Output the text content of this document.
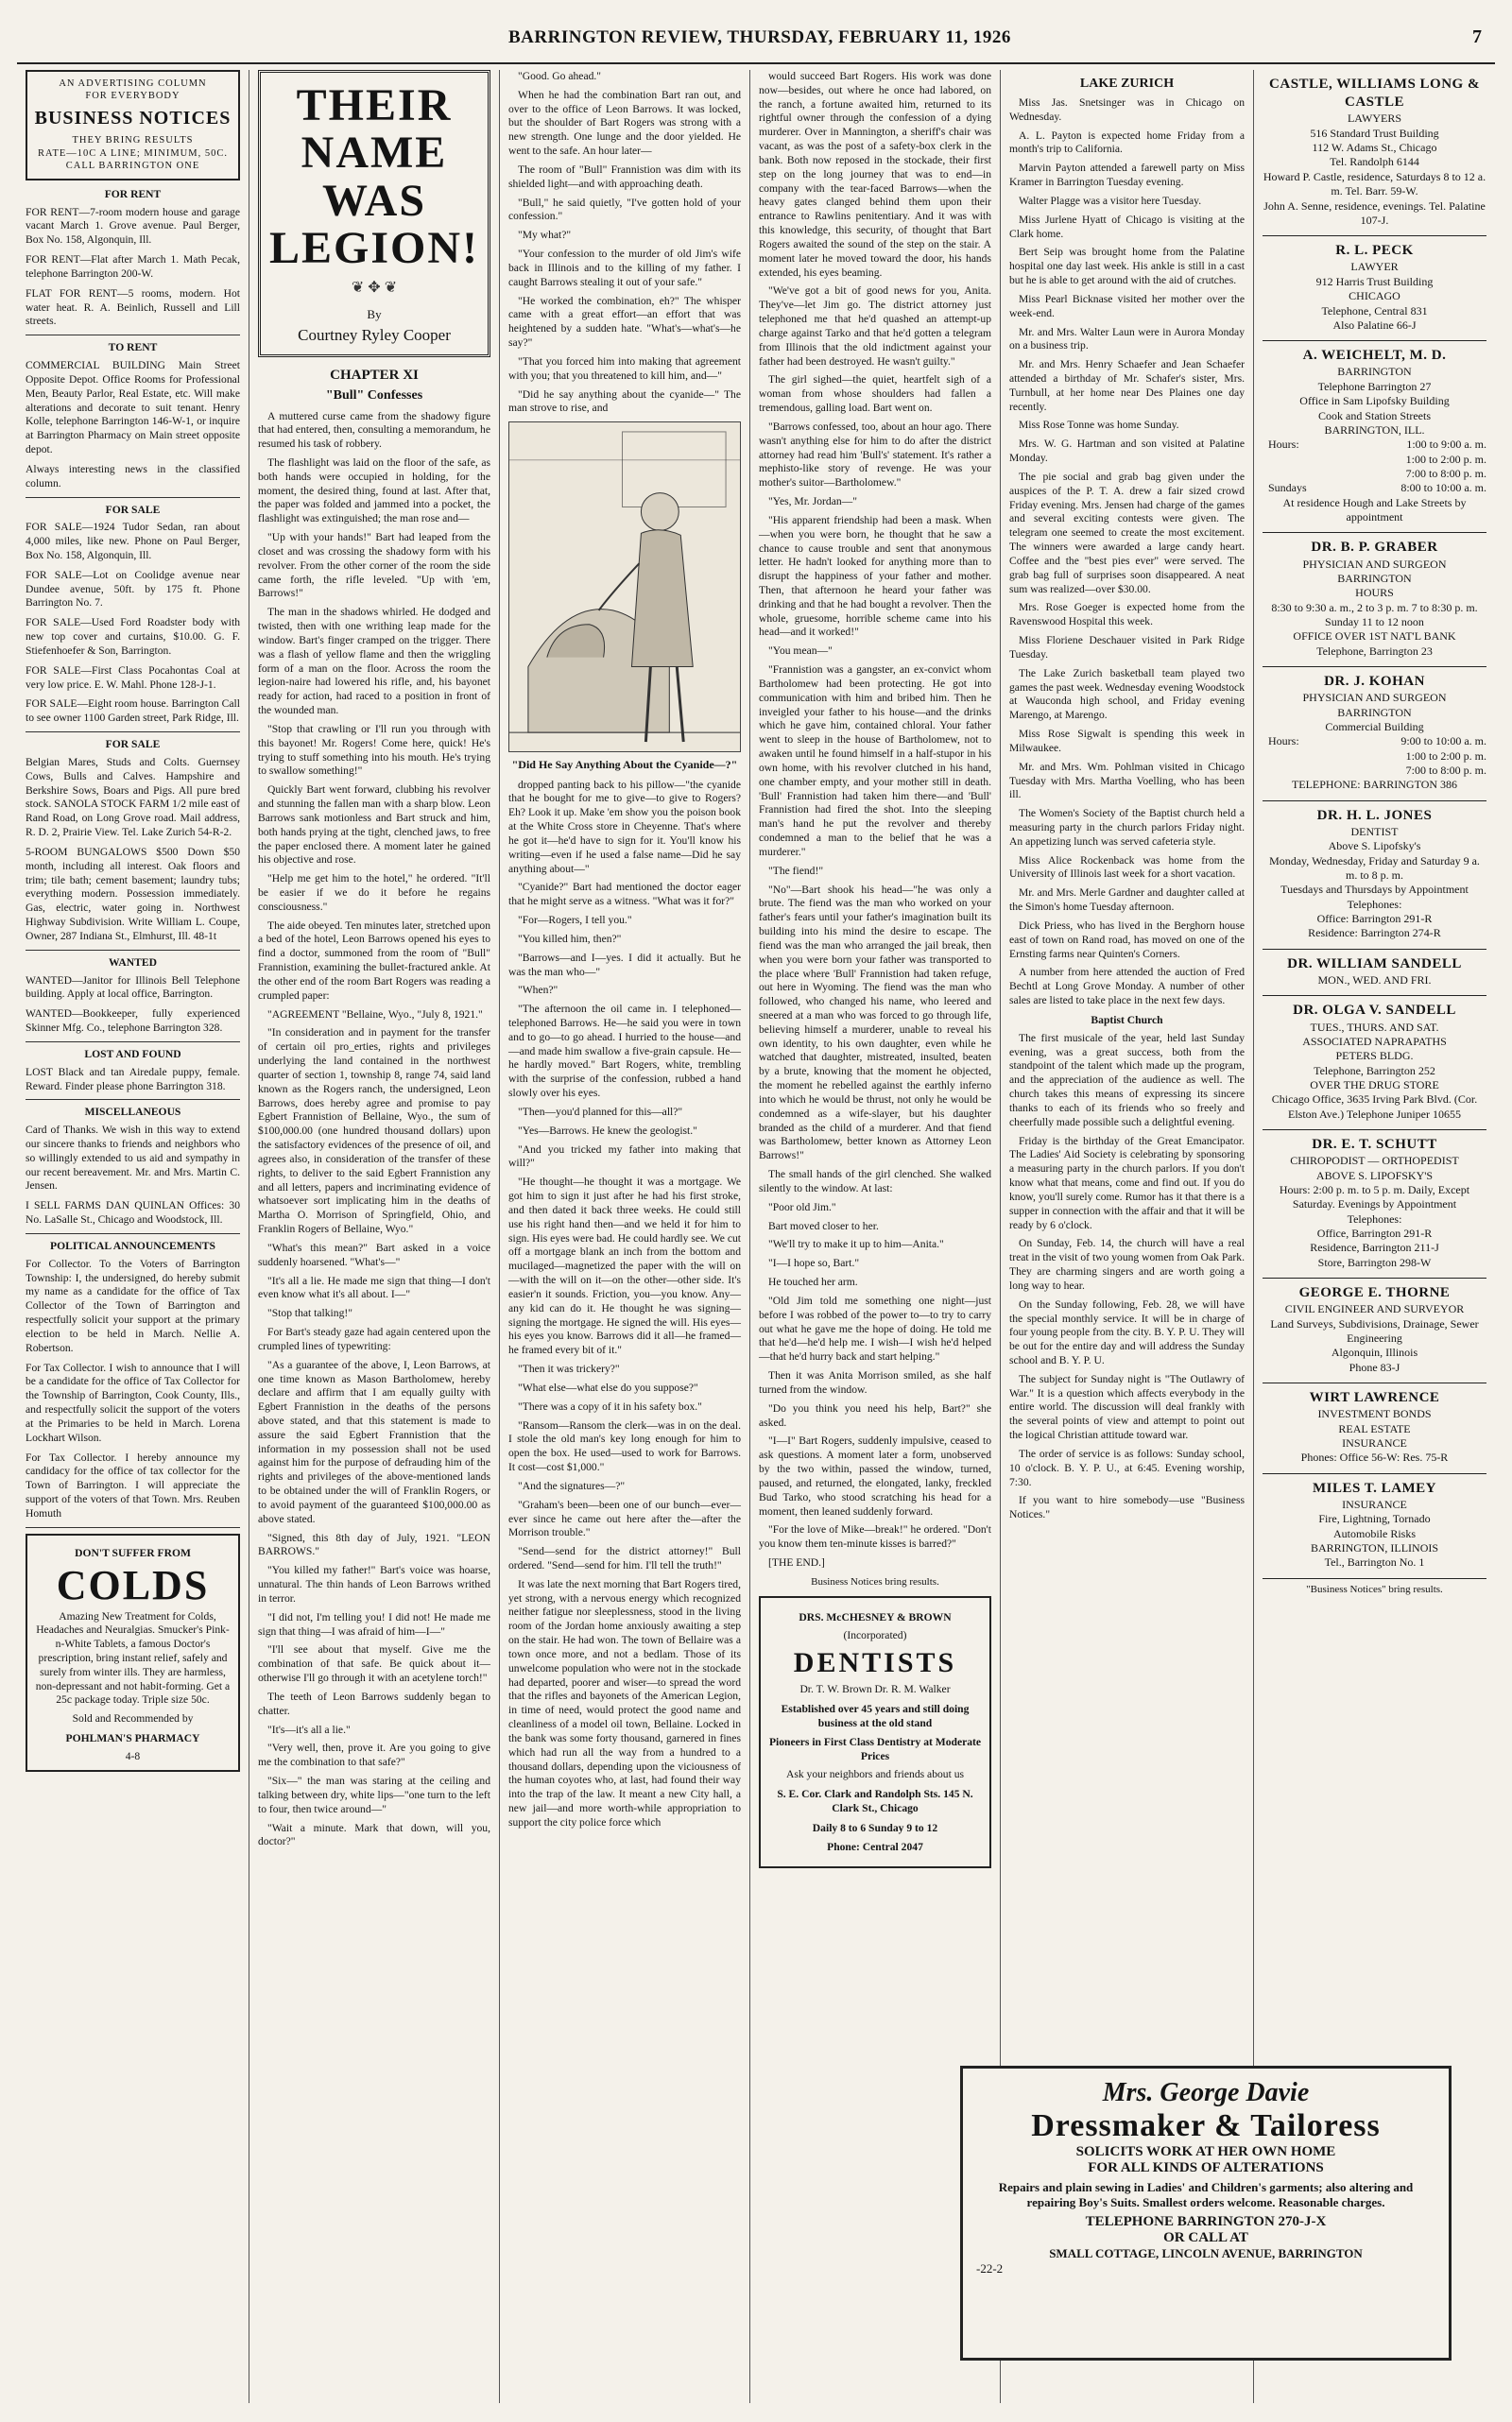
BARRINGTON REVIEW, THURSDAY, FEBRUARY 11, 1926	7
AN ADVERTISING COLUMN
FOR EVERYBODY
BUSINESS NOTICES
THEY BRING RESULTS
RATE—10C A LINE; MINIMUM, 50C.
CALL BARRINGTON ONE
FOR RENT

FOR RENT—7-room modern house and garage vacant March 1. Grove avenue. Paul Berger, Box No. 158, Algonquin, Ill.

FOR RENT—Flat after March 1. Math Pecak, telephone Barrington 200-W.

FLAT FOR RENT—5 rooms, modern. Hot water heat. R. A. Beinlich, Russell and Lill streets.

TO RENT

COMMERCIAL BUILDING Main Street Opposite Depot. Office Rooms for Professional Men, Beauty Parlor, Real Estate, etc. Will make alterations and decorate to suit tenant. Henry Kolle, telephone Barrington 146-W-1, or inquire at Barrington Pharmacy on Main street opposite depot.

Always interesting news in the classified column.

FOR SALE

FOR SALE—1924 Tudor Sedan, ran about 4,000 miles, like new. Phone on Paul Berger, Box No. 158, Algonquin, Ill.

FOR SALE—Lot on Coolidge avenue near Dundee avenue, 50ft. by 175 ft. Phone Barrington No. 7.

FOR SALE—Used Ford Roadster body with new top cover and curtains, $10.00. G. F. Stiefenhoefer & Son, Barrington.

FOR SALE—First Class Pocahontas Coal at very low price. E. W. Mahl. Phone 128-J-1.

FOR SALE—Eight room house. Barrington Call to see owner 1100 Garden street, Park Ridge, Ill.

FOR SALE

Belgian Mares, Studs and Colts. Guernsey Cows, Bulls and Calves. Hampshire and Berkshire Sows, Boars and Pigs. All pure bred stock. SANOLA STOCK FARM 1/2 mile east of Rand Road, on Long Grove road. Mail address, R. D. 2, Prairie View. Tel. Lake Zurich 54-R-2.

5-ROOM BUNGALOWS $500 Down $50 month, including all interest. Oak floors and trim; tile bath; cement basement; laundry tubs; everything modern. Possession immediately. Gas, electric, water going in. Northwest Highway Subdivision. Write William L. Coupe, Owner, 287 Indiana St., Elmhurst, Ill. 48-1t

WANTED

WANTED—Janitor for Illinois Bell Telephone building. Apply at local office, Barrington.

WANTED—Bookkeeper, fully experienced Skinner Mfg. Co., telephone Barrington 328.

LOST AND FOUND

LOST Black and tan Airedale puppy, female. Reward. Finder please phone Barrington 318.

MISCELLANEOUS

Card of Thanks. We wish in this way to extend our sincere thanks to friends and neighbors who so willingly extended to us aid and sympathy in our recent bereavement. Mr. and Mrs. Martin C. Jensen.

I SELL FARMS DAN QUINLAN Offices: 30 No. LaSalle St., Chicago and Woodstock, Ill.

POLITICAL ANNOUNCEMENTS

For Collector. To the Voters of Barrington Township: I, the undersigned, do hereby submit my name as a candidate for the office of Tax Collector of the Town of Barrington and respectfully solicit your support at the primary election to be held in March. Nellie A. Robertson.

For Tax Collector. I wish to announce that I will be a candidate for the office of Tax Collector for the Township of Barrington, Cook County, Ills., and respectfully solicit the support of the voters at the Primaries to be held in March. Lorena Lockhart Wilson.

For Tax Collector. I hereby announce my candidacy for the office of tax collector for the Town of Barrington. I will appreciate the support of the voters of that Town. Mrs. Reuben Homuth

DON'T SUFFER FROM
COLDS

Amazing New Treatment for Colds, Headaches and Neuralgias. Smucker's Pink-n-White Tablets, a famous Doctor's prescription, bring instant relief, safely and surely from winter ills. They are harmless, non-depressant and not habit-forming. Get a 25c package today. Triple size 50c.

Sold and Recommended by
POHLMAN'S PHARMACY
4-8
THEIR
NAME
WAS
LEGION!
❦ ✥ ❦
By
Courtney Ryley Cooper
CHAPTER XI
"Bull" Confesses

A muttered curse came from the shadowy figure that had entered, then, consulting a memorandum, he resumed his task of robbery.

The flashlight was laid on the floor of the safe, as both hands were occupied in holding, for the moment, the desired thing, found at last. After that, the paper was folded and jammed into a pocket, the flashlight was extinguished; the man rose and—

"Up with your hands!" Bart had leaped from the closet and was crossing the shadowy form with his revolver. From the other corner of the room the side came forth, the rifle leveled. "Up with 'em, Barrows!"

The man in the shadows whirled. He dodged and twisted, then with one writhing leap made for the window. Bart's finger cramped on the trigger. There was a flash of yellow flame and then the wriggling form of a man on the floor. Across the room the legion-naire had lowered his rifle, and, his bayonet ready for action, had raced to a position in front of the wounded man.

"Stop that crawling or I'll run you through with this bayonet! Mr. Rogers! Come here, quick! He's trying to stuff something into his mouth. He's trying to swallow something!"

Quickly Bart went forward, clubbing his revolver and stunning the fallen man with a sharp blow. Leon Barrows sank motionless and Bart struck and him, both hands prying at the tight, clenched jaws, to free the paper enclosed there. A moment later he gained his objective and rose.

"Help me get him to the hotel," he ordered. "It'll be easier if we do it before he regains consciousness."

The aide obeyed. Ten minutes later, stretched upon a bed of the hotel, Leon Barrows opened his eyes to find a doctor, summoned from the room of "Bull" Frannistion, examining the bullet-fractured ankle. At the other end of the room Bart Rogers was reading a crumpled paper:

"AGREEMENT "Bellaine, Wyo., "July 8, 1921."

"In consideration and in payment for the transfer of certain oil pro_erties, rights and privileges underlying the land contained in the northwest quarter of section 1, township 8, range 74, said land known as the Rogers ranch, the undersigned, Leon Barrows, does hereby agree and promise to pay Egbert Frannistion of Bellaine, Wyo., the sum of $100,000.00 (one hundred thousand dollars) upon the satisfactory evidences of the presence of oil, and agrees also, in consideration of the transfer of these rights, to deliver to the said Egbert Frannistion any and all letters, papers and incriminating evidence of whatsoever sort implicating him in the deaths of Martha O. Morrison of Springfield, Ohio, and Franklin Rogers of Bellaine, Wyo."

"What's this mean?" Bart asked in a voice suddenly hoarsened. "What's—"

"It's all a lie. He made me sign that thing—I don't even know what it's all about. I—"

"Stop that talking!"

For Bart's steady gaze had again centered upon the crumpled lines of typewriting:

"As a guarantee of the above, I, Leon Barrows, at one time known as Mason Bartholomew, hereby declare and affirm that I am equally guilty with Egbert Frannistion in the deaths of the persons above stated, and that this statement is made to assure the said Egbert Frannistion that the information in my possession shall not be used against him for the purpose of defrauding him of the rights and privileges of the above-mentioned lands to be obtained under the will of Franklin Rogers, or to avoid payment of the guaranteed $100,000.00 as above stated.

"Signed, this 8th day of July, 1921. "LEON BARROWS."

"You killed my father!" Bart's voice was hoarse, unnatural. The thin hands of Leon Barrows writhed in terror.

"I did not, I'm telling you! I did not! He made me sign that thing—I was afraid of him—I—"

"I'll see about that myself. Give me the combination of that safe. Be quick about it—otherwise I'll go through it with an acetylene torch!"

The teeth of Leon Barrows suddenly began to chatter.

"It's—it's all a lie."

"Very well, then, prove it. Are you going to give me the combination to that safe?"

"Six—" the man was staring at the ceiling and talking between dry, white lips—"one turn to the left to four, then twice around—"

"Wait a minute. Mark that down, will you, doctor?"

"Good. Go ahead."

When he had the combination Bart ran out, and over to the office of Leon Barrows. It was locked, but the shoulder of Bart Rogers was strong with a new strength. One lunge and the door yielded. He went to the safe. An hour later—

The room of "Bull" Frannistion was dim with its shielded light—and with approaching death.

"Bull," he said quietly, "I've gotten hold of your confession."

"My what?"

"Your confession to the murder of old Jim's wife back in Illinois and to the killing of my father. I caught Barrows stealing it out of your safe."

"He worked the combination, eh?" The whisper came with a great effort—an effort that was heightened by a sudden hate. "What's—what's—he say?"

"That you forced him into making that agreement with you; that you threatened to kill him, and—"

"Did he say anything about the cyanide—" The man strove to rise, and

"Did He Say Anything About the Cyanide—?"

dropped panting back to his pillow—"the cyanide that he bought for me to give—to give to Rogers? Eh? Look it up. Make 'em show you the poison book at the White Cross store in Cheyenne. That's where he got it—he'd have to sign for it. You'll know his writing—even if he used a false name—Did he say anything about—"

"Cyanide?" Bart had mentioned the doctor eager that he might serve as a witness. "What was it for?"

"For—Rogers, I tell you."

"You killed him, then?"

"Barrows—and I—yes. I did it actually. But he was the man who—"

"When?"

"The afternoon the oil came in. I telephoned—telephoned Barrows. He—he said you were in town and to go—to go ahead. I hurried to the house—and—and made him swallow a five-grain capsule. He—he hardly moved." Bart Rogers, white, trembling with the surprise of the confession, rubbed a hand slowly over his eyes.

"Then—you'd planned for this—all?"

"Yes—Barrows. He knew the geologist."

"And you tricked my father into making that will?"

"He thought—he thought it was a mortgage. We got him to sign it just after he had his first stroke, and then dated it back three weeks. He could still use his right hand then—and we held it for him to sign. His eyes were bad. He could hardly see. We cut off a mortgage blank an inch from the bottom and mucilaged—magnetized the paper with the will on—with the will on it—on the other—other side. It's easier'n it sounds. Friction, you—you know. Any—any kid can do it. He thought he was signing—signing the mortgage. He signed the will. His eyes—his eyes you know. Barrows did it all—he framed—he framed every bit of it."

"Then it was trickery?"

"What else—what else do you suppose?"

"There was a copy of it in his safety box."

"Ransom—Ransom the clerk—was in on the deal. I stole the old man's key long enough for him to open the box. He used—used to work for Barrows. It cost—cost $1,000."

"And the signatures—?"

"Graham's been—been one of our bunch—ever—ever since he came out here after the—after the Morrison trouble."

"Send—send for the district attorney!" Bull ordered. "Send—send for him. I'll tell the truth!"

It was late the next morning that Bart Rogers tired, yet strong, with a nervous energy which recognized neither fatigue nor sleeplessness, stood in the living room of the Jordan home anxiously awaiting a step on the stair. He had won. The town of Bellaire was a town once more, and not a bedlam. Those of its unwelcome population who were not in the stockade had departed, poorer and wiser—to spread the word that the rifles and bayonets of the American Legion, in time of need, would protect the good name and cleanliness of a model oil town, Bellaine. Locked in the bank was some forty thousand, garnered in fines which had run all the way from a hundred to a thousand dollars, depending upon the viciousness of the human coyotes who, at last, had found their way into the trap of the law. It meant a new City hall, a new jail—and more worth-while appropriation to support the city police force which

would succeed Bart Rogers. His work was done now—besides, out where he once had labored, on the ranch, a fortune awaited him, returned to its rightful owner through the confession of a dying murderer. Over in Mannington, a sheriff's chair was vacant, as was the post of a safety-box clerk in the bank. Both now reposed in the stockade, their first step on the long journey that was to end—in company with the tear-faced Barrows—when the heavy gates clanged behind them upon their entrance to Rawlins penitentiary. And it was with this knowledge, this security, of thought that Bart Rogers awaited the sound of the step on the stair. A moment later he moved toward the door, his hands extended, his eyes beaming.

"We've got a bit of good news for you, Anita. They've—let Jim go. The district attorney just telephoned me that he'd quashed an attempt-up charge against Tarko and that he'd gotten a telegram from Illinois that the old indictment against your father had been destroyed. He wasn't guilty."

The girl sighed—the quiet, heartfelt sigh of a woman from whose shoulders had fallen a tremendous, galling load. Bart went on.

"Barrows confessed, too, about an hour ago. There wasn't anything else for him to do after the district attorney had read him 'Bull's' statement. It's rather a mephisto-like story of revenge. He was your mother's suitor—Bartholomew."

"Yes, Mr. Jordan—"

"His apparent friendship had been a mask. When—when you were born, he thought that he saw a chance to cause trouble and sent that anonymous letter. He hadn't looked for anything more than to disrupt the happiness of your father and mother. Then, that afternoon he heard your father was drinking and that he had bought a revolver. Then the whole, gruesome, horrible scheme came into his head—and it worked!"

"You mean—"

"Frannistion was a gangster, an ex-convict whom Bartholomew had been protecting. He got into communication with him and bribed him. Then he inveigled your father to his house—and the drinks which he gave him, contained chloral. Your father went to sleep in the house of Bartholomew, not to awaken until he found himself in a half-stupor in his own home, with his revolver clutched in his hand, one chamber empty, and your mother still in death. 'Bull' Frannistion had taken him there—and 'Bull' Frannistion had fired the shot. Into the sleeping man's hand he put the revolver and thereby condemned a man to the belief that he was a murderer."

"The fiend!"

"No"—Bart shook his head—"he was only a brute. The fiend was the man who worked on your father's fears until your father's imagination built its building into his mind the desire to escape. The fiend was the man who arranged the jail break, then when you were born your father was transported to the place where 'Bull' Frannistion had taken refuge, out here in Wyoming. The fiend was the man who followed, who changed his name, who leered and sneered at a man who was forced to go through life, believing himself a murderer, unable to reveal his own identity, to his own daughter, even while he watched that daughter, mistreated, insulted, beaten by a brute, knowing that the moment he objected, the moment he rebelled against the earthly inferno into which he would be thrust, not only he would be condemned as a wife-slayer, but his daughter branded as the child of a murderer. And that fiend was Bartholomew, better known as Attorney Leon Barrows!"

The small hands of the girl clenched. She walked silently to the window. At last:

"Poor old Jim."

Bart moved closer to her.

"We'll try to make it up to him—Anita."

"I—I hope so, Bart."

He touched her arm.

"Old Jim told me something one night—just before I was robbed of the power to—to try to carry out what he gave me the hope of doing. He told me that he'd—he'd help me. I wish—I wish he'd helped—that he'd hurry back and start helping."

Then it was Anita Morrison smiled, as she half turned from the window.

"Do you think you need his help, Bart?" she asked.

"I—I" Bart Rogers, suddenly impulsive, ceased to ask questions. A moment later a form, unobserved by the two within, passed the window, turned, paused, and returned, the elongated, lanky, freckled Bud Tarko, who stood scratching his head for a moment, then leaned suddenly forward.

"For the love of Mike—break!" he ordered. "Don't you know them ten-minute kisses is barred?"

[THE END.]

Business Notices bring results.
DRS. McCHESNEY & BROWN
(Incorporated)
DENTISTS
Dr. T. W. Brown Dr. R. M. Walker
Established over 45 years and still doing business at the old stand
Pioneers in First Class Dentistry at Moderate Prices
Ask your neighbors and friends about us
S. E. Cor. Clark and Randolph Sts. 145 N. Clark St., Chicago
Daily 8 to 6 Sunday 9 to 12
Phone: Central 2047
LAKE ZURICH

Miss Jas. Snetsinger was in Chicago on Wednesday.

A. L. Payton is expected home Friday from a month's trip to California.

Marvin Payton attended a farewell party on Miss Kramer in Barrington Tuesday evening.

Walter Plagge was a visitor here Tuesday.

Miss Jurlene Hyatt of Chicago is visiting at the Clark home.

Bert Seip was brought home from the Palatine hospital one day last week. His ankle is still in a cast but he is able to get around with the aid of crutches.

Miss Pearl Bicknase visited her mother over the week-end.

Mr. and Mrs. Walter Laun were in Aurora Monday on a business trip.

Mr. and Mrs. Henry Schaefer and Jean Schaefer attended a birthday of Mr. Schafer's sister, Mrs. Turnbull, at her home near Des Plaines one day recently.

Miss Rose Tonne was home Sunday.

Mrs. W. G. Hartman and son visited at Palatine Monday.

The pie social and grab bag given under the auspices of the P. T. A. drew a fair sized crowd Friday evening. Mrs. Jensen had charge of the games and several exciting contests were given. The telegram one seemed to create the most excitement. The winners were awarded a large candy heart. Coffee and the "best pies ever" were served. The grab bag full of surprises soon disappeared. A neat sum was realized—over $30.00.

Mrs. Rose Goeger is expected home from the Ravenswood Hospital this week.

Miss Floriene Deschauer visited in Park Ridge Tuesday.

The Lake Zurich basketball team played two games the past week. Wednesday evening Woodstock at Wauconda high school, and Friday evening Marengo, at Marengo.

Miss Rose Sigwalt is spending this week in Milwaukee.

Mr. and Mrs. Wm. Pohlman visited in Chicago Tuesday with Mrs. Martha Voelling, who has been ill.

The Women's Society of the Baptist church held a measuring party in the church parlors Friday night. An appetizing lunch was served cafeteria style.

Miss Alice Rockenback was home from the University of Illinois last week for a short vacation.

Mr. and Mrs. Merle Gardner and daughter called at the Simon's home Tuesday afternoon.

Dick Priess, who has lived in the Berghorn house east of town on Rand road, has moved on one of the Ernsting farms near Quinten's Corners.

A number from here attended the auction of Fred Bechtl at Long Grove Monday. A number of other sales are listed to take place in the next few days.

Baptist Church

The first musicale of the year, held last Sunday evening, was a great success, both from the standpoint of the talent which made up the program, and the appreciation of the audience as well. The church takes this means of expressing its sincere thanks to each of its friends who so freely and cheerfully made possible such a delightful evening.

Friday is the birthday of the Great Emancipator. The Ladies' Aid Society is celebrating by sponsoring a measuring party in the church parlors. If you don't know what that means, come and find out. If you do know, you'll surely come. Rumor has it that there is a supper in connection with the affair and that it will be ready by 6 o'clock.

On Sunday, Feb. 14, the church will have a real treat in the visit of two young women from Oak Park. They are charming singers and are worth going a long way to hear.

On the Sunday following, Feb. 28, we will have the special monthly service. It will be in charge of four young people from the city. B. Y. P. U. They will be out for the entire day and will address the Sunday school and B. Y. P. U.

The subject for Sunday night is "The Outlawry of War." It is a question which affects everybody in the entire world. The discussion will deal frankly with the several points of view and attempt to point out the logical Christian attitude toward war.

The order of service is as follows: Sunday school, 10 o'clock. B. Y. P. U., at 6:45. Evening worship, 7:30.

If you want to hire somebody—use "Business Notices."

CASTLE, WILLIAMS LONG & CASTLE
LAWYERS
516 Standard Trust Building
112 W. Adams St., Chicago
Tel. Randolph 6144
Howard P. Castle, residence, Saturdays 8 to 12 a. m. Tel. Barr. 59-W.
John A. Senne, residence, evenings. Tel. Palatine 107-J.
R. L. PECK
LAWYER
912 Harris Trust Building
CHICAGO
Telephone, Central 831
Also Palatine 66-J
A. WEICHELT, M. D.
BARRINGTON
Telephone Barrington 27
Office in Sam Lipofsky Building
Cook and Station Streets
BARRINGTON, ILL.
Hours:	1:00 to 9:00 a. m.
1:00 to 2:00 p. m.
7:00 to 8:00 p. m.
Sundays	8:00 to 10:00 a. m.
At residence Hough and Lake Streets by appointment
DR. B. P. GRABER
PHYSICIAN AND SURGEON
BARRINGTON
HOURS
8:30 to 9:30 a. m., 2 to 3 p. m. 7 to 8:30 p. m.
Sunday 11 to 12 noon
OFFICE OVER 1ST NAT'L BANK
Telephone, Barrington 23
DR. J. KOHAN
PHYSICIAN AND SURGEON
BARRINGTON
Commercial Building
Hours:	9:00 to 10:00 a. m.
1:00 to 2:00 p. m.
7:00 to 8:00 p. m.
TELEPHONE: BARRINGTON 386
DR. H. L. JONES
DENTIST
Above S. Lipofsky's
Monday, Wednesday, Friday and Saturday 9 a. m. to 8 p. m.
Tuesdays and Thursdays by Appointment
Telephones:
Office: Barrington 291-R
Residence: Barrington 274-R
DR. WILLIAM SANDELL
MON., WED. AND FRI.
DR. OLGA V. SANDELL
TUES., THURS. AND SAT.
ASSOCIATED NAPRAPATHS
PETERS BLDG.
Telephone, Barrington 252
OVER THE DRUG STORE
Chicago Office, 3635 Irving Park Blvd. (Cor. Elston Ave.) Telephone Juniper 10655
DR. E. T. SCHUTT
CHIROPODIST — ORTHOPEDIST
ABOVE S. LIPOFSKY'S
Hours: 2:00 p. m. to 5 p. m. Daily, Except Saturday. Evenings by Appointment
Telephones:
Office, Barrington 291-R
Residence, Barrington 211-J
Store, Barrington 298-W
GEORGE E. THORNE
CIVIL ENGINEER AND SURVEYOR
Land Surveys, Subdivisions, Drainage, Sewer Engineering
Algonquin, Illinois
Phone 83-J
WIRT LAWRENCE
INVESTMENT BONDS
REAL ESTATE
INSURANCE
Phones: Office 56-W: Res. 75-R
MILES T. LAMEY
INSURANCE
Fire, Lightning, Tornado
Automobile Risks
BARRINGTON, ILLINOIS
Tel., Barrington No. 1
"Business Notices" bring results.
Mrs. George Davie
Dressmaker & Tailoress
SOLICITS WORK AT HER OWN HOME
FOR ALL KINDS OF ALTERATIONS
Repairs and plain sewing in Ladies' and Children's garments; also altering and repairing Boy's Suits. Smallest orders welcome. Reasonable charges.
TELEPHONE BARRINGTON 270-J-X
OR CALL AT
SMALL COTTAGE, LINCOLN AVENUE, BARRINGTON
-22-2
